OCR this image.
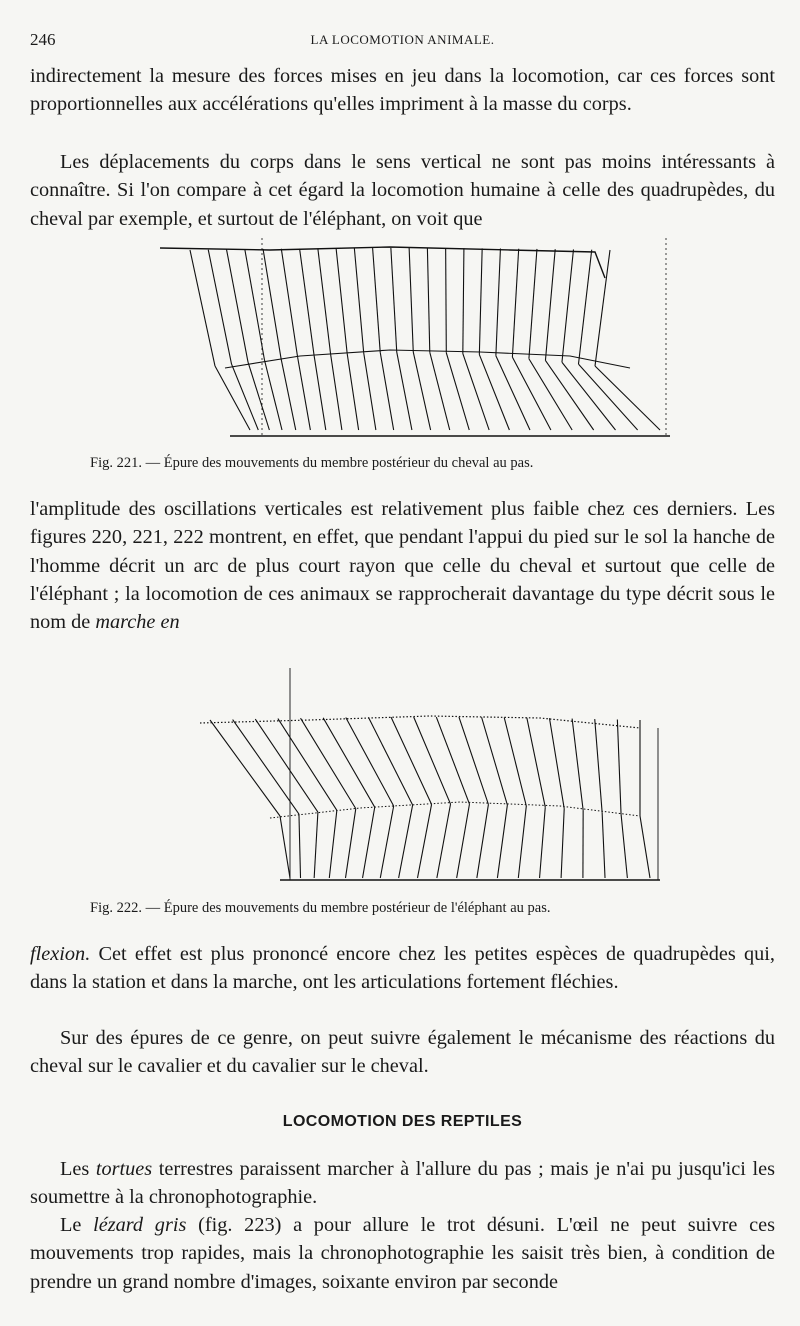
246	LA LOCOMOTION ANIMALE.

indirectement la mesure des forces mises en jeu dans la locomotion, car ces forces sont proportionnelles aux accélérations qu'elles impriment à la masse du corps.

Les déplacements du corps dans le sens vertical ne sont pas moins intéressants à connaître. Si l'on compare à cet égard la locomotion humaine à celle des quadrupèdes, du cheval par exemple, et surtout de l'éléphant, on voit que

Fig. 221. — Épure des mouvements du membre postérieur du cheval au pas.

l'amplitude des oscillations verticales est relativement plus faible chez ces derniers. Les figures 220, 221, 222 montrent, en effet, que pendant l'appui du pied sur le sol la hanche de l'homme décrit un arc de plus court rayon que celle du cheval et surtout que celle de l'éléphant ; la locomotion de ces animaux se rapprocherait davantage du type décrit sous le nom de marche en

Fig. 222. — Épure des mouvements du membre postérieur de l'éléphant au pas.

flexion. Cet effet est plus prononcé encore chez les petites espèces de quadrupèdes qui, dans la station et dans la marche, ont les articulations fortement fléchies.

Sur des épures de ce genre, on peut suivre également le mécanisme des réactions du cheval sur le cavalier et du cavalier sur le cheval.

LOCOMOTION DES REPTILES

Les tortues terrestres paraissent marcher à l'allure du pas ; mais je n'ai pu jusqu'ici les soumettre à la chronophotographie.

Le lézard gris (fig. 223) a pour allure le trot désuni. L'œil ne peut suivre ces mouvements trop rapides, mais la chronophotographie les saisit très bien, à condition de prendre un grand nombre d'images, soixante environ par seconde
